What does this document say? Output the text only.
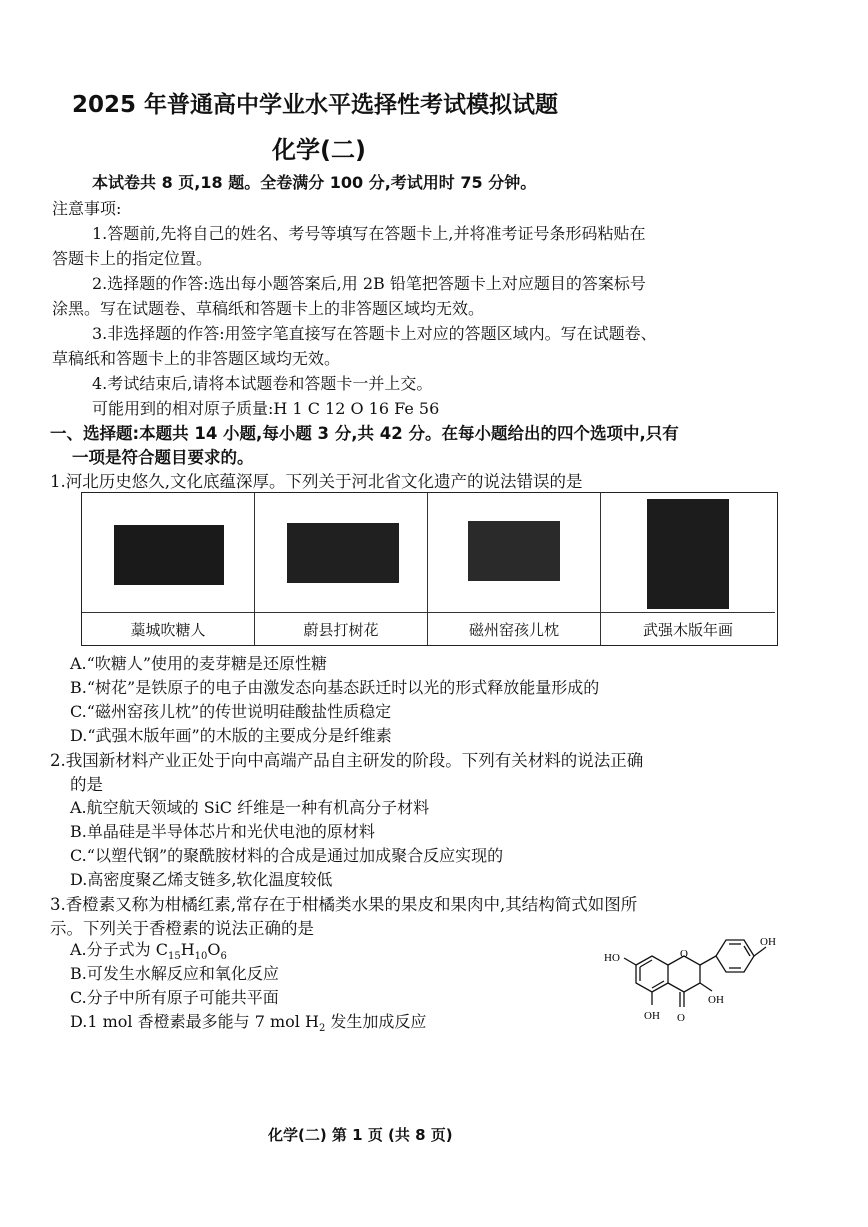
2025 年普通高中学业水平选择性考试模拟试题
化学(二)
本试卷共 8 页,18 题。全卷满分 100 分,考试用时 75 分钟。
注意事项:
1.答题前,先将自己的姓名、考号等填写在答题卡上,并将准考证号条形码粘贴在
答题卡上的指定位置。
2.选择题的作答:选出每小题答案后,用 2B 铅笔把答题卡上对应题目的答案标号
涂黑。写在试题卷、草稿纸和答题卡上的非答题区域均无效。
3.非选择题的作答:用签字笔直接写在答题卡上对应的答题区域内。写在试题卷、
草稿纸和答题卡上的非答题区域均无效。
4.考试结束后,请将本试题卷和答题卡一并上交。
可能用到的相对原子质量:H 1 C 12 O 16 Fe 56
一、选择题:本题共 14 小题,每小题 3 分,共 42 分。在每小题给出的四个选项中,只有
一项是符合题目要求的。
1.河北历史悠久,文化底蕴深厚。下列关于河北省文化遗产的说法错误的是
藁城吹糖人	蔚县打树花	磁州窑孩儿枕	武强木版年画
A.“吹糖人”使用的麦芽糖是还原性糖
B.“树花”是铁原子的电子由激发态向基态跃迁时以光的形式释放能量形成的
C.“磁州窑孩儿枕”的传世说明硅酸盐性质稳定
D.“武强木版年画”的木版的主要成分是纤维素
2.我国新材料产业正处于向中高端产品自主研发的阶段。下列有关材料的说法正确
的是
A.航空航天领域的 SiC 纤维是一种有机高分子材料
B.单晶硅是半导体芯片和光伏电池的原材料
C.“以塑代钢”的聚酰胺材料的合成是通过加成聚合反应实现的
D.高密度聚乙烯支链多,软化温度较低
3.香橙素又称为柑橘红素,常存在于柑橘类水果的果皮和果肉中,其结构简式如图所
示。下列关于香橙素的说法正确的是
A.分子式为 $C_{15}H_{10}O_6$
B.可发生水解反应和氧化反应
C.分子中所有原子可能共平面
D.1 mol 香橙素最多能与 7 mol $H_2$ 发生加成反应
OH
HO
OH
OH
O
O
化学(二) 第 1 页 (共 8 页)
